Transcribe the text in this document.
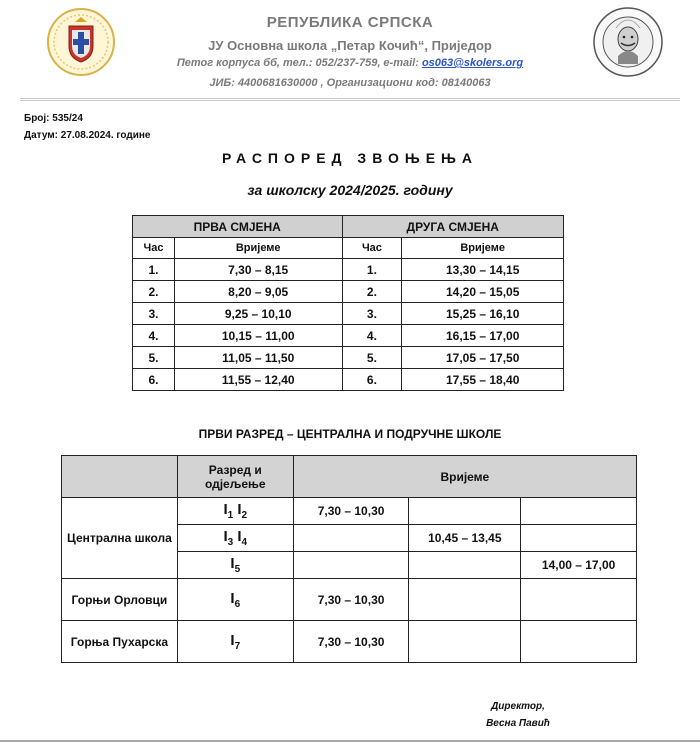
РЕПУБЛИКА СРПСКА
ЈУ Основна школа „Петар Кочић“, Приједор
Петог корпуса бб, тел.: 052/237-759, e-mail: os063@skolers.org
ЈИБ: 4400681630000 , Организациони код: 08140063
Број: 535/24
Датум: 27.08.2024. године
РАСПОРЕД ЗВОЊЕЊА
за школску 2024/2025. годину
ПРВА СМЈЕНА		ДРУГА СМЈЕНА	
Час	Вријеме	Час	Вријеме
1.	7,30 – 8,15	1.	13,30 – 14,15
2.	8,20 – 9,05	2.	14,20 – 15,05
3.	9,25 – 10,10	3.	15,25 – 16,10
4.	10,15 – 11,00	4.	16,15 – 17,00
5.	11,05 – 11,50	5.	17,05 – 17,50
6.	11,55 – 12,40	6.	17,55 – 18,40
ПРВИ РАЗРЕД – ЦЕНТРАЛНА И ПОДРУЧНЕ ШКОЛЕ
	Разред и одјељење	Вријеме		
Централна школа	$I_1$ $I_2$	7,30 – 10,30		
	$I_3$ $I_4$		10,45 – 13,45	
	$I_5$			14,00 – 17,00
Горњи Орловци	$I_6$	7,30 – 10,30		
Горња Пухарска	$I_7$	7,30 – 10,30		
Директор,
Весна Павић
